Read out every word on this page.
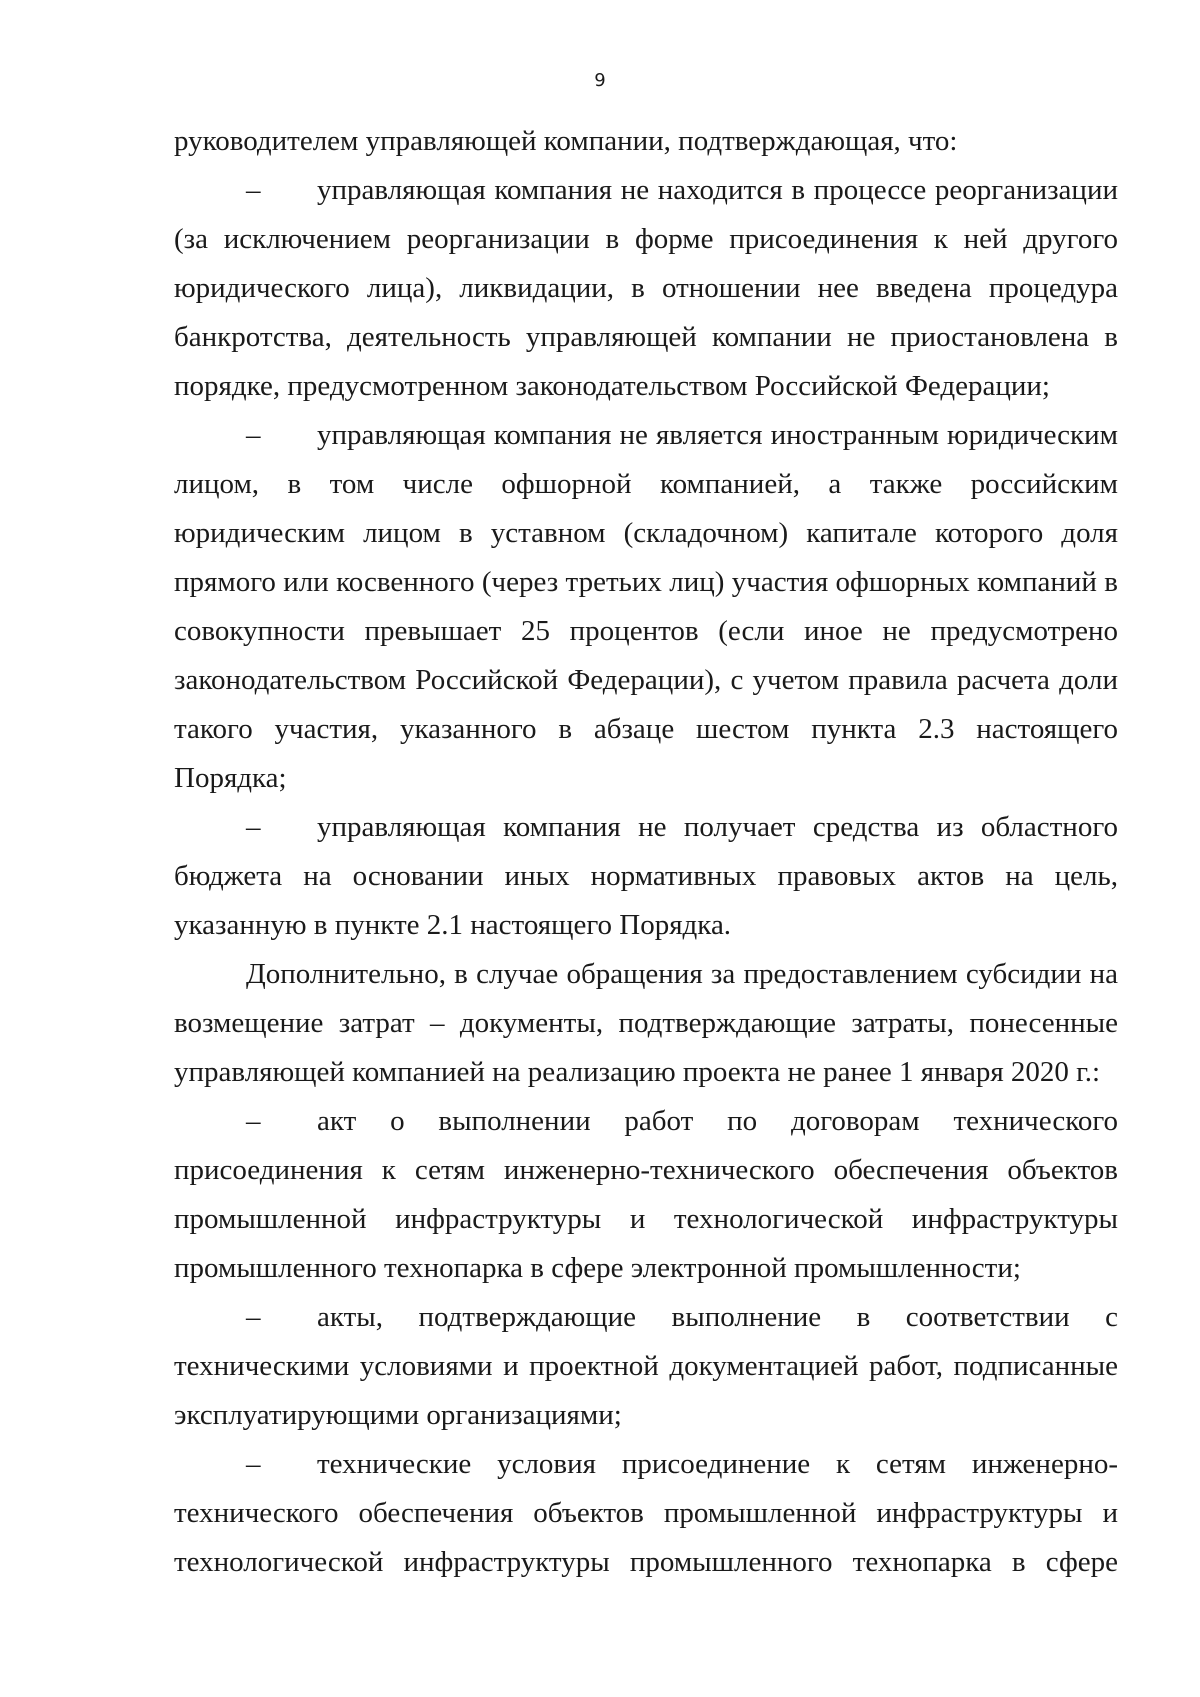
9

руководителем управляющей компании, подтверждающая, что:

– управляющая компания не находится в процессе реорганизации (за исключением реорганизации в форме присоединения к ней другого юридического лица), ликвидации, в отношении нее введена процедура банкротства, деятельность управляющей компании не приостановлена в порядке, предусмотренном законодательством Российской Федерации;

– управляющая компания не является иностранным юридическим лицом, в том числе офшорной компанией, а также российским юридическим лицом в уставном (складочном) капитале которого доля прямого или косвенного (через третьих лиц) участия офшорных компаний в совокупности превышает 25 процентов (если иное не предусмотрено законодательством Российской Федерации), с учетом правила расчета доли такого участия, указанного в абзаце шестом пункта 2.3 настоящего Порядка;

– управляющая компания не получает средства из областного бюджета на основании иных нормативных правовых актов на цель, указанную в пункте 2.1 настоящего Порядка.

Дополнительно, в случае обращения за предоставлением субсидии на возмещение затрат – документы, подтверждающие затраты, понесенные управляющей компанией на реализацию проекта не ранее 1 января 2020 г.:

– акт о выполнении работ по договорам технического присоединения к сетям инженерно-технического обеспечения объектов промышленной инфраструктуры и технологической инфраструктуры промышленного технопарка в сфере электронной промышленности;

– акты, подтверждающие выполнение в соответствии с техническими условиями и проектной документацией работ, подписанные эксплуатирующими организациями;

– технические условия присоединение к сетям инженерно-технического обеспечения объектов промышленной инфраструктуры и технологической инфраструктуры промышленного технопарка в сфере
